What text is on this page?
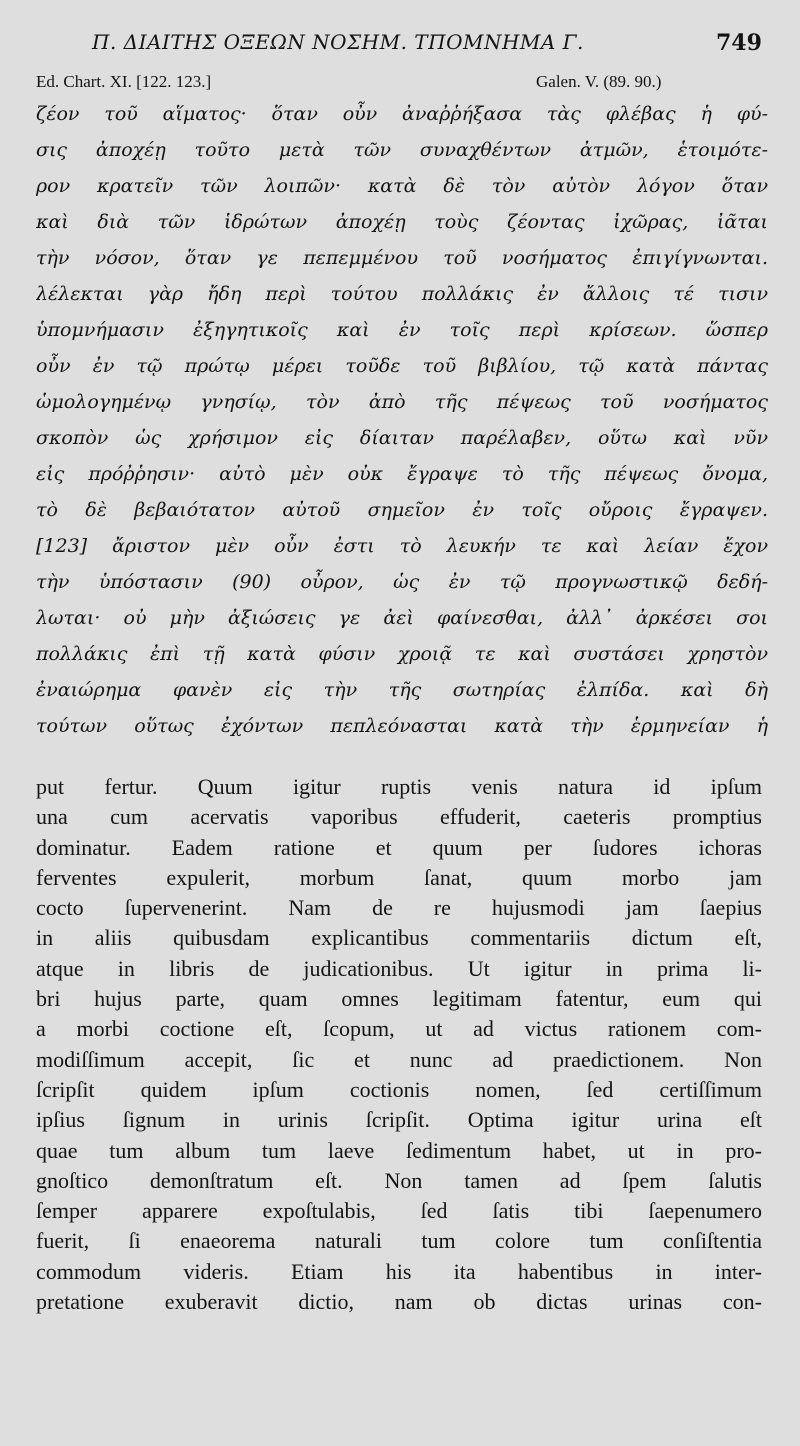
Π. ΔΙΑΙΤΗΣ ΟΞΕΩΝ ΝΟΣΗΜ. ΤΠΟΜΝΗΜΑ Γ.	749
Ed. Chart. XI. [122. 123.]	Galen. V. (89. 90.)
ζέον τοῦ αἵματος· ὅταν οὖν ἀναῤῥήξασα τὰς φλέβας ἡ φύ-
σις ἀποχέῃ τοῦτο μετὰ τῶν συναχθέντων ἀτμῶν, ἑτοιμότε-
ρον κρατεῖν τῶν λοιπῶν· κατὰ δὲ τὸν αὐτὸν λόγον ὅταν
καὶ διὰ τῶν ἱδρώτων ἀποχέῃ τοὺς ζέοντας ἰχῶρας, ἰᾶται
τὴν νόσον, ὅταν γε πεπεμμένου τοῦ νοσήματος ἐπιγίγνωνται.
λέλεκται γὰρ ἤδη περὶ τούτου πολλάκις ἐν ἄλλοις τέ τισιν
ὑπομνήμασιν ἐξηγητικοῖς καὶ ἐν τοῖς περὶ κρίσεων. ὥσπερ
οὖν ἐν τῷ πρώτῳ μέρει τοῦδε τοῦ βιβλίου, τῷ κατὰ πάντας
ὡμολογημένῳ γνησίῳ, τὸν ἀπὸ τῆς πέψεως τοῦ νοσήματος
σκοπὸν ὡς χρήσιμον εἰς δίαιταν παρέλαβεν, οὕτω καὶ νῦν
εἰς πρόῤῥησιν· αὐτὸ μὲν οὐκ ἔγραψε τὸ τῆς πέψεως ὄνομα,
τὸ δὲ βεβαιότατον αὐτοῦ σημεῖον ἐν τοῖς οὔροις ἔγραψεν.
[123] ἄριστον μὲν οὖν ἐστι τὸ λευκήν τε καὶ λείαν ἔχον
τὴν ὑπόστασιν (90) οὖρον, ὡς ἐν τῷ προγνωστικῷ δεδή-
λωται· οὐ μὴν ἀξιώσεις γε ἀεὶ φαίνεσθαι, ἀλλ᾽ ἀρκέσει σοι
πολλάκις ἐπὶ τῇ κατὰ φύσιν χροιᾷ τε καὶ συστάσει χρηστὸν
ἐναιώρημα φανὲν εἰς τὴν τῆς σωτηρίας ἐλπίδα. καὶ δὴ
τούτων οὕτως ἐχόντων πεπλεόνασται κατὰ τὴν ἑρμηνείαν ἡ
put fertur. Quum igitur ruptis venis natura id ipſum
una cum acervatis vaporibus effuderit, caeteris promptius
dominatur. Eadem ratione et quum per ſudores ichoras
ferventes expulerit, morbum ſanat, quum morbo jam
cocto ſupervenerint. Nam de re hujusmodi jam ſaepius
in aliis quibusdam explicantibus commentariis dictum eſt,
atque in libris de judicationibus. Ut igitur in prima li-
bri hujus parte, quam omnes legitimam fatentur, eum qui
a morbi coctione eſt, ſcopum, ut ad victus rationem com-
modiſſimum accepit, ſic et nunc ad praedictionem. Non
ſcripſit quidem ipſum coctionis nomen, ſed certiſſimum
ipſius ſignum in urinis ſcripſit. Optima igitur urina eſt
quae tum album tum laeve ſedimentum habet, ut in pro-
gnoſtico demonſtratum eſt. Non tamen ad ſpem ſalutis
ſemper apparere expoſtulabis, ſed ſatis tibi ſaepenumero
fuerit, ſi enaeorema naturali tum colore tum conſiſtentia
commodum videris. Etiam his ita habentibus in inter-
pretatione exuberavit dictio, nam ob dictas urinas con-
